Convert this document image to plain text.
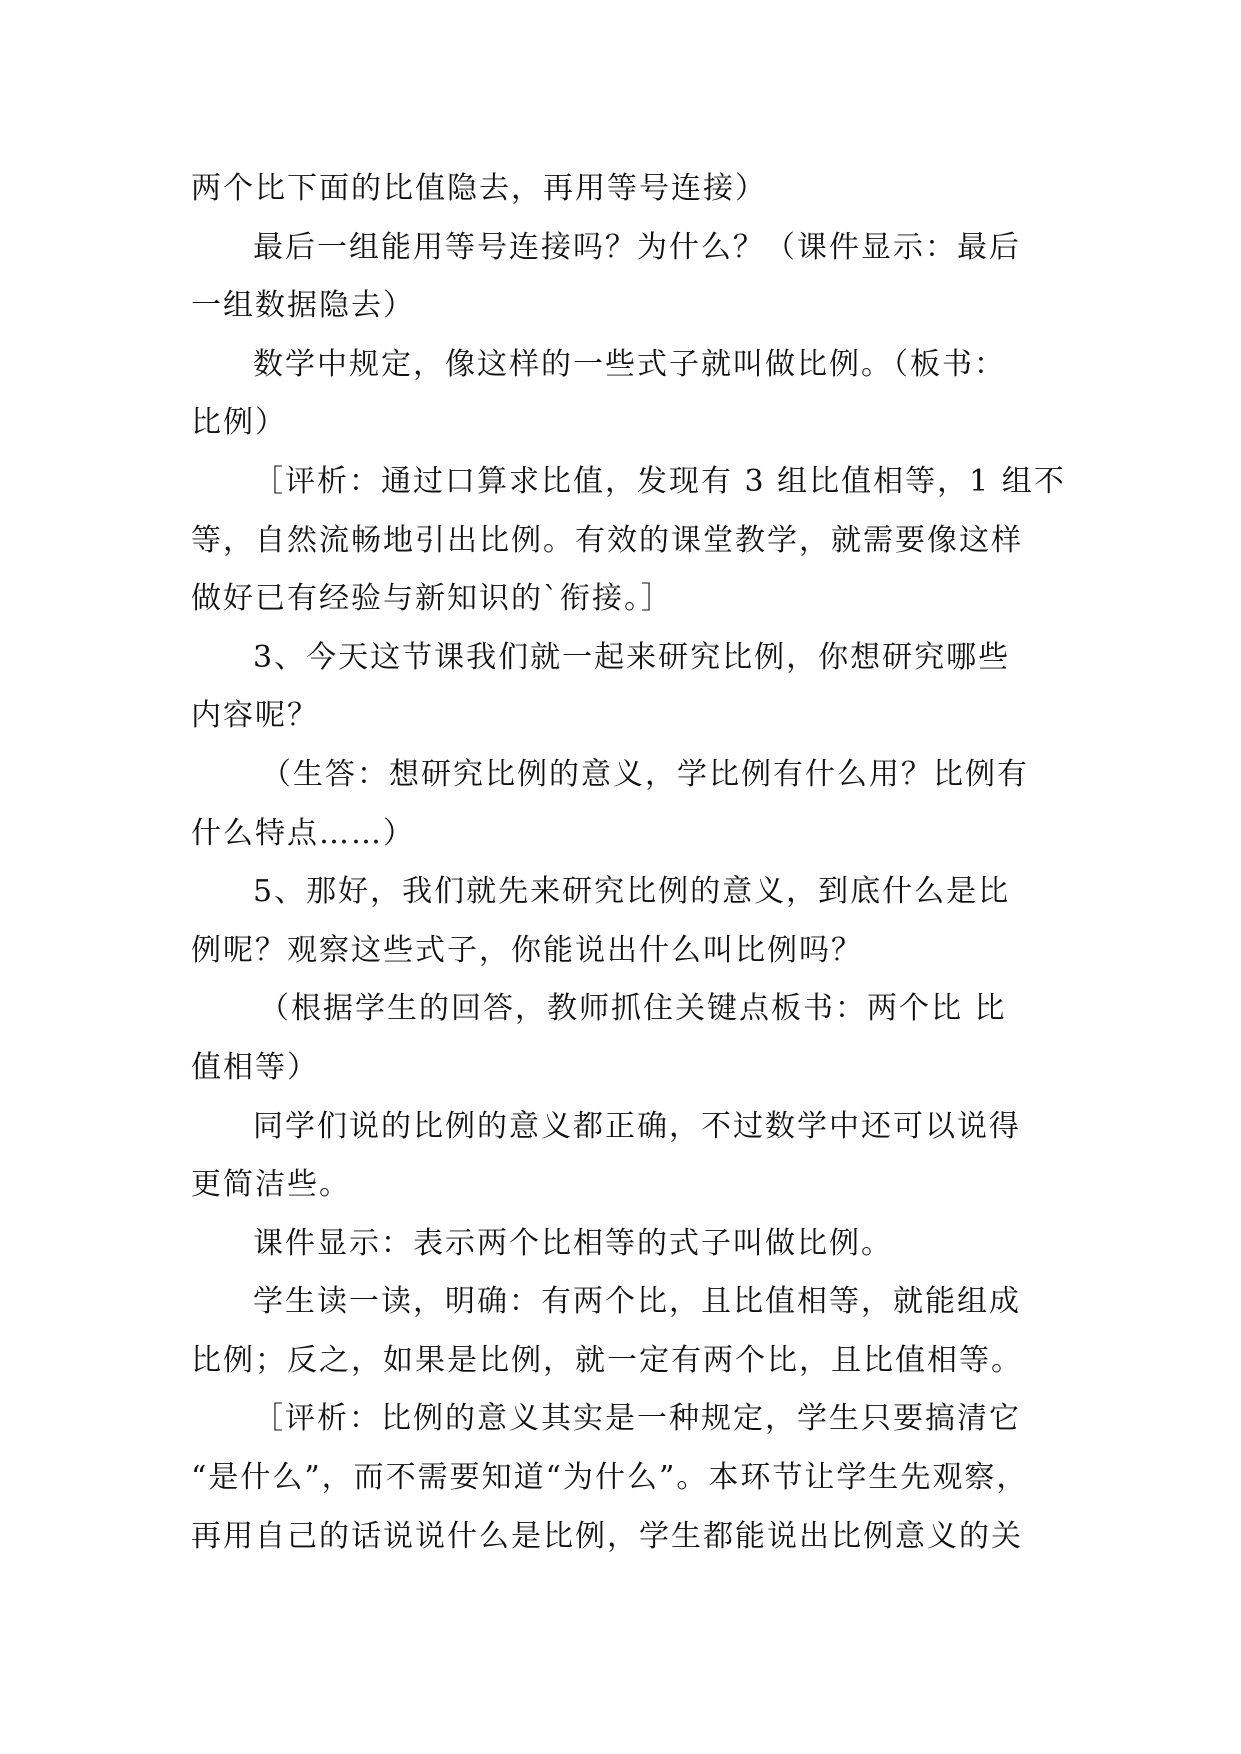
两个比下面的比值隐去，再用等号连接）
最后一组能用等号连接吗？为什么？（课件显示：最后
一组数据隐去）
数学中规定，像这样的一些式子就叫做比例。（板书：
比例）
［评析：通过口算求比值，发现有 3 组比值相等，1 组不
等，自然流畅地引出比例。有效的课堂教学，就需要像这样
做好已有经验与新知识的`衔接。］
3、今天这节课我们就一起来研究比例，你想研究哪些
内容呢？
（生答：想研究比例的意义，学比例有什么用？比例有
什么特点……）
5、那好，我们就先来研究比例的意义，到底什么是比
例呢？观察这些式子，你能说出什么叫比例吗？
（根据学生的回答，教师抓住关键点板书：两个比 比
值相等）
同学们说的比例的意义都正确，不过数学中还可以说得
更简洁些。
课件显示：表示两个比相等的式子叫做比例。
学生读一读，明确：有两个比，且比值相等，就能组成
比例；反之，如果是比例，就一定有两个比，且比值相等。
［评析：比例的意义其实是一种规定，学生只要搞清它
“是什么”，而不需要知道“为什么”。本环节让学生先观察，
再用自己的话说说什么是比例，学生都能说出比例意义的关
